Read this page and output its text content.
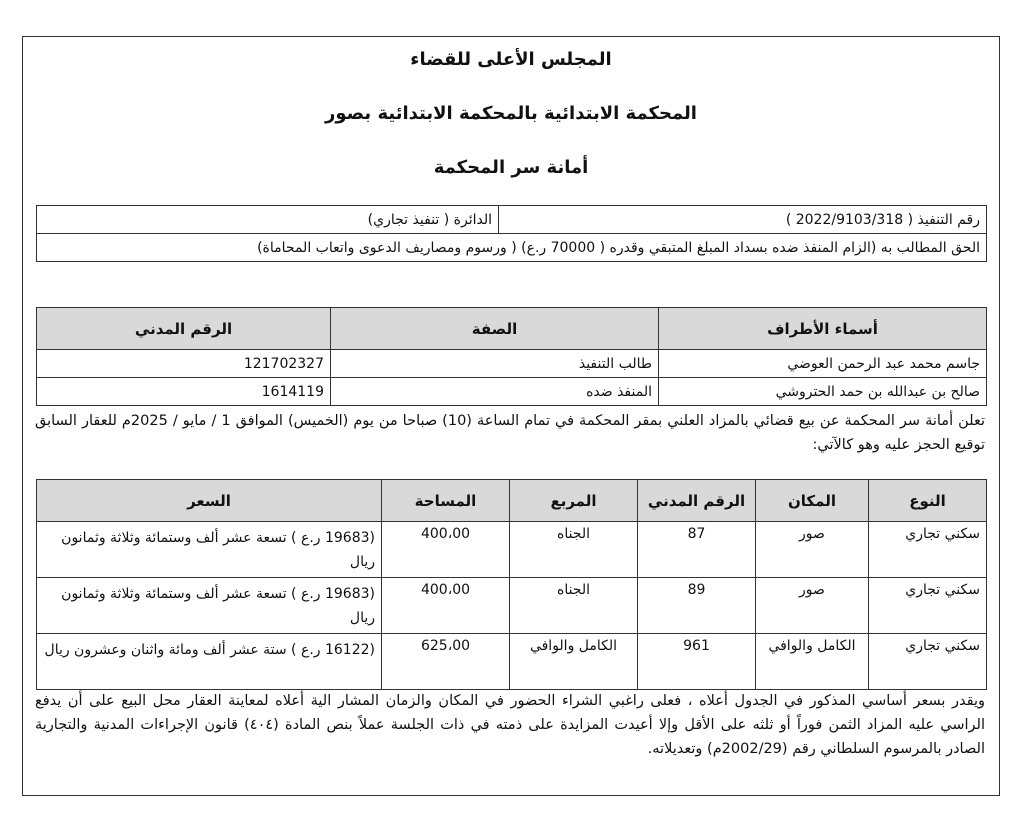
المجلس الأعلى للقضاء
المحكمة الابتدائية بالمحكمة الابتدائية بصور
أمانة سر المحكمة
رقم التنفيذ ( 2022/9103/318 )	الدائرة ( تنفيذ تجاري)
الحق المطالب به (الزام المنفذ ضده بسداد المبلغ المتبقي وقدره ( 70000 ر.ع) ( ورسوم ومصاريف الدعوى واتعاب المحاماة)
أسماء الأطراف	الصفة	الرقم المدني
جاسم محمد عبد الرحمن العوضي	طالب التنفيذ	121702327
صالح بن عبدالله بن حمد الحتروشي	المنفذ ضده	1614119

تعلن أمانة سر المحكمة عن بيع قضائي بالمزاد العلني بمقر المحكمة في تمام الساعة (10) صباحا من يوم (الخميس) الموافق 1 / مايو / 2025م للعقار السابق توقيع الحجز عليه وهو كالآتي:

النوع	المكان	الرقم المدني	المربع	المساحة	السعر
سكني تجاري	صور	87	الجناه	400،00	(19683 ر.ع ) تسعة عشر ألف وستمائة وثلاثة وثمانون ريال
سكني تجاري	صور	89	الجناه	400،00	(19683 ر.ع ) تسعة عشر ألف وستمائة وثلاثة وثمانون ريال
سكني تجاري	الكامل والوافي	961	الكامل والوافي	625،00	(16122 ر.ع ) ستة عشر ألف ومائة واثنان وعشرون ريال

ويقدر بسعر أساسي المذكور في الجدول أعلاه ، فعلى راغبي الشراء الحضور في المكان والزمان المشار الية أعلاه لمعاينة العقار محل البيع على أن يدفع الراسي عليه المزاد الثمن فوراً أو ثلثه على الأقل وإلا أعيدت المزايدة على ذمته في ذات الجلسة عملاً بنص المادة (٤٠٤) قانون الإجراءات المدنية والتجارية الصادر بالمرسوم السلطاني رقم (2002/29م) وتعديلاته.
